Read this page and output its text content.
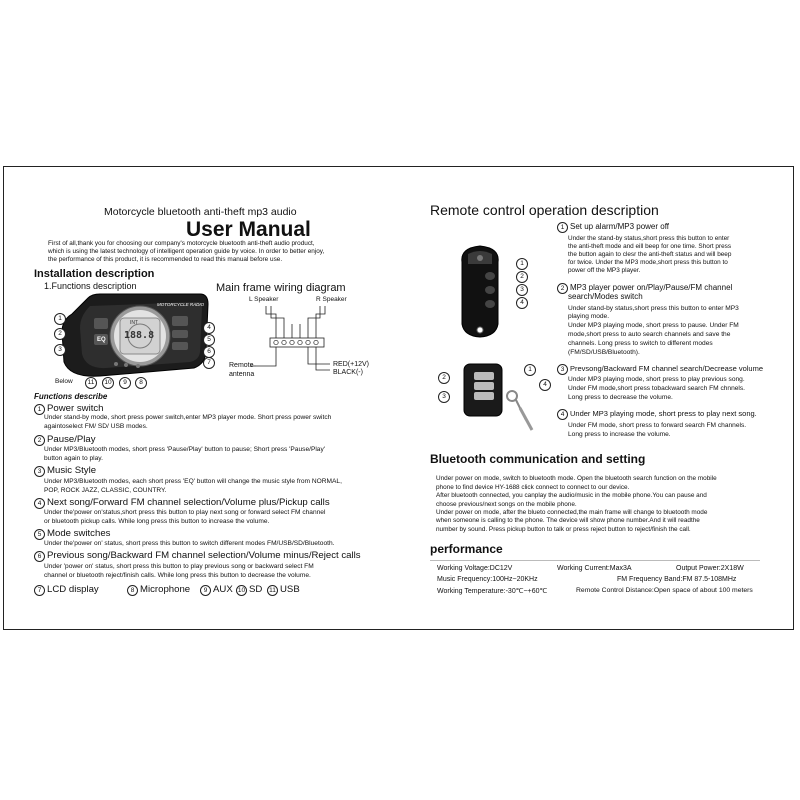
Motorcycle bluetooth anti-theft mp3 audio
User Manual
First of all,thank you for choosing our company's motorcycle bluetooth anti-theft audio product,
which is using the latest technology of intelligent operation guide by voice. In order to better enjoy,
the performance of this product, it is recommended to read this manual before use.
Installation description
1.Functions description
MOTORCYCLE RADIO
188.8
INT
EQ
1
2
3
4
5
6
7
Below	11	10	9	8
Main frame wiring diagram
L Speaker	R Speaker
Remote
antenna
RED(+12V)
BLACK(-)
Functions describe
1 Power switch
Under stand-by mode, short press power switch,enter MP3 player mode. Short press power switch
againtoselect FM/ SD/ USB modes.
2 Pause/Play
Under MP3/Bluetooth modes, short press 'Pause/Play' button to pause; Short press 'Pause/Play'
button again to play.
3 Music Style
Under MP3/Bluetooth modes, each short press 'EQ' button will change the music style from NORMAL,
POP, ROCK JAZZ, CLASSIC, COUNTRY.
4 Next song/Forward FM channel selection/Volume plus/Pickup calls
Under the'power on'status,short press this button to play next song or forward select FM channel
or bluetooth pickup calls. While long press this button to increase the volume.
5 Mode switches
Under the'power on' status, short press this button to switch different modes FM/USB/SD/Bluetooth.
6 Previous song/Backward FM channel selection/Volume minus/Reject calls
Under 'power on' status, short press this button to play previous song or backward select FM
channel or bluetooth reject/finish calls. While long press this button to decrease the volume.
7 LCD display	8 Microphone	9 AUX 10 SD	11 USB
Remote control operation description
1
2
3
4
2
3
1
4
1 Set up alarm/MP3 power off
Under the stand-by status,short press this button to enter
the anti-theft mode and eill beep for one time. Short press
the button again to clesr the anti-theft status and will beep
for twice. Under the MP3 mode,short press this button to
power off the MP3 player.
2 MP3 player power on/Play/Pause/FM channel
search/Modes switch
Under stand-by status,short press this button to enter MP3
playing mode.
Under MP3 playing mode, short press to pause. Under FM
mode,short press to auto search channels and save the
channels. Long press to switch to different modes
(FM/SD/USB/Bluetooth).
3 Prevsong/Backward FM channel search/Decrease volume
Under MP3 playing mode, short press to play previous song.
Under FM mode,short press tobackward search FM chnnels.
Long press to decrease the volume.
4 Under MP3 playing mode, short press to play next song.
Under FM mode, short press to forward search FM channels.
Long press to increase the volume.
Bluetooth communication and setting
Under power on mode, switch to bluetooth mode. Open the bluetooth search function on the mobile
phone to find device HY-1688 click connect to connect to our device.
After bluetooth connected, you canplay the audio/music in the mobile phone.You can pause and
choose previous/next songs on the mobile phone.
Under power on mode, after the blueto connected,the main frame will change to bluetooth mode
when someone is calling to the phone. The device will show phone number.And it will readthe
number by sound. Press pickup button to talk or press reject button to reject/finish the call.
performance
Working Voltage:DC12V	Working Current:Max3A	Output Power:2X18W
Music Frequency:100Hz~20KHz	FM Frequency Band:FM 87.5-108MHz
Working Temperature:-30℃~+60℃	Remote Control Distance:Open space of about 100 meters
